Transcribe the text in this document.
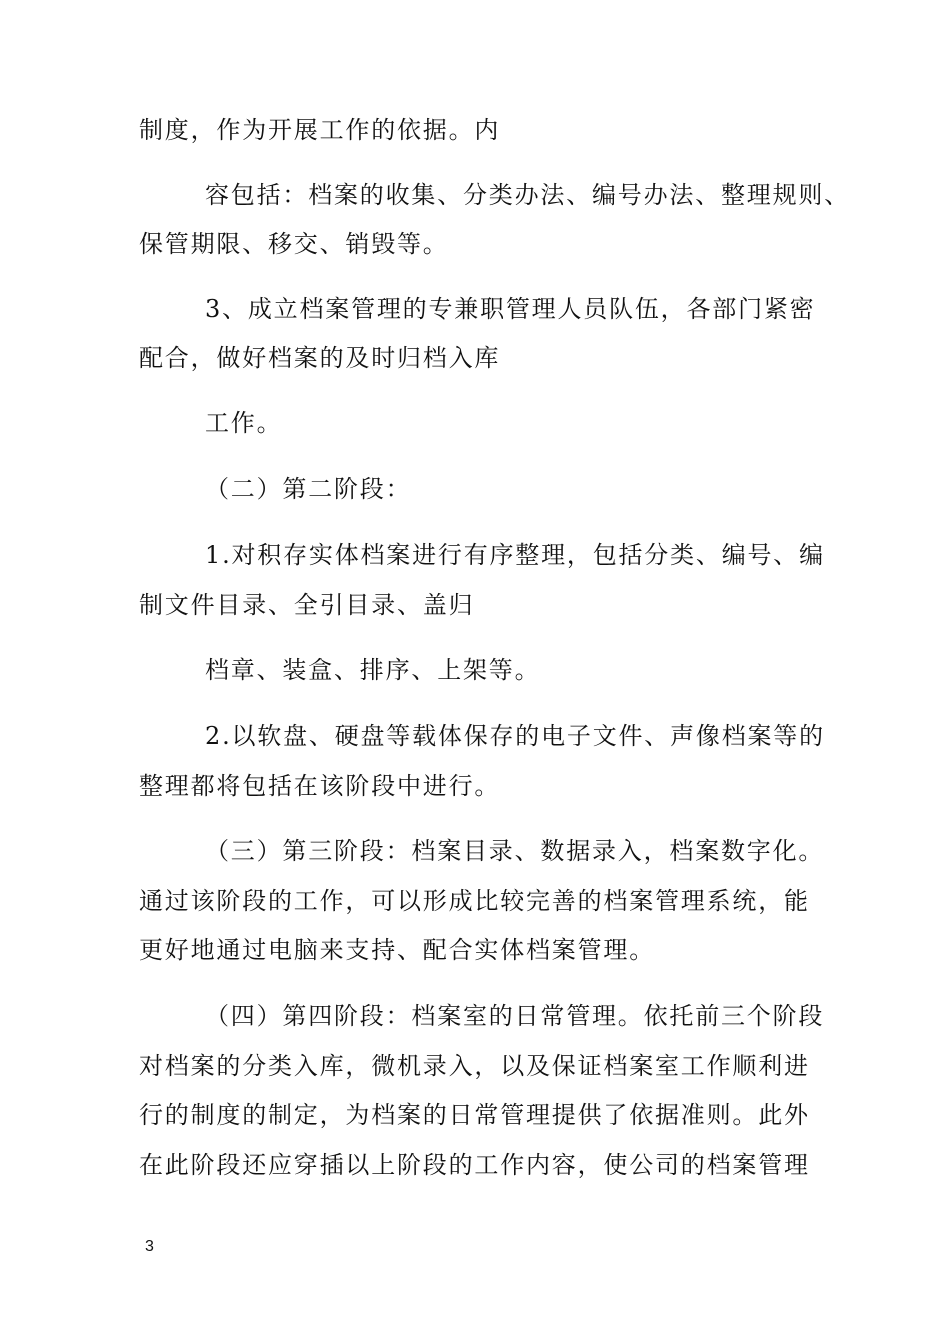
制度，作为开展工作的依据。内
容包括：档案的收集、分类办法、编号办法、整理规则、
保管期限、移交、销毁等。
3、成立档案管理的专兼职管理人员队伍，各部门紧密
配合，做好档案的及时归档入库
工作。
（二）第二阶段：
1.对积存实体档案进行有序整理，包括分类、编号、编
制文件目录、全引目录、盖归
档章、装盒、排序、上架等。
2.以软盘、硬盘等载体保存的电子文件、声像档案等的
整理都将包括在该阶段中进行。
（三）第三阶段：档案目录、数据录入，档案数字化。
通过该阶段的工作，可以形成比较完善的档案管理系统，能
更好地通过电脑来支持、配合实体档案管理。
（四）第四阶段：档案室的日常管理。依托前三个阶段
对档案的分类入库，微机录入，以及保证档案室工作顺利进
行的制度的制定，为档案的日常管理提供了依据准则。此外
在此阶段还应穿插以上阶段的工作内容，使公司的档案管理
3
